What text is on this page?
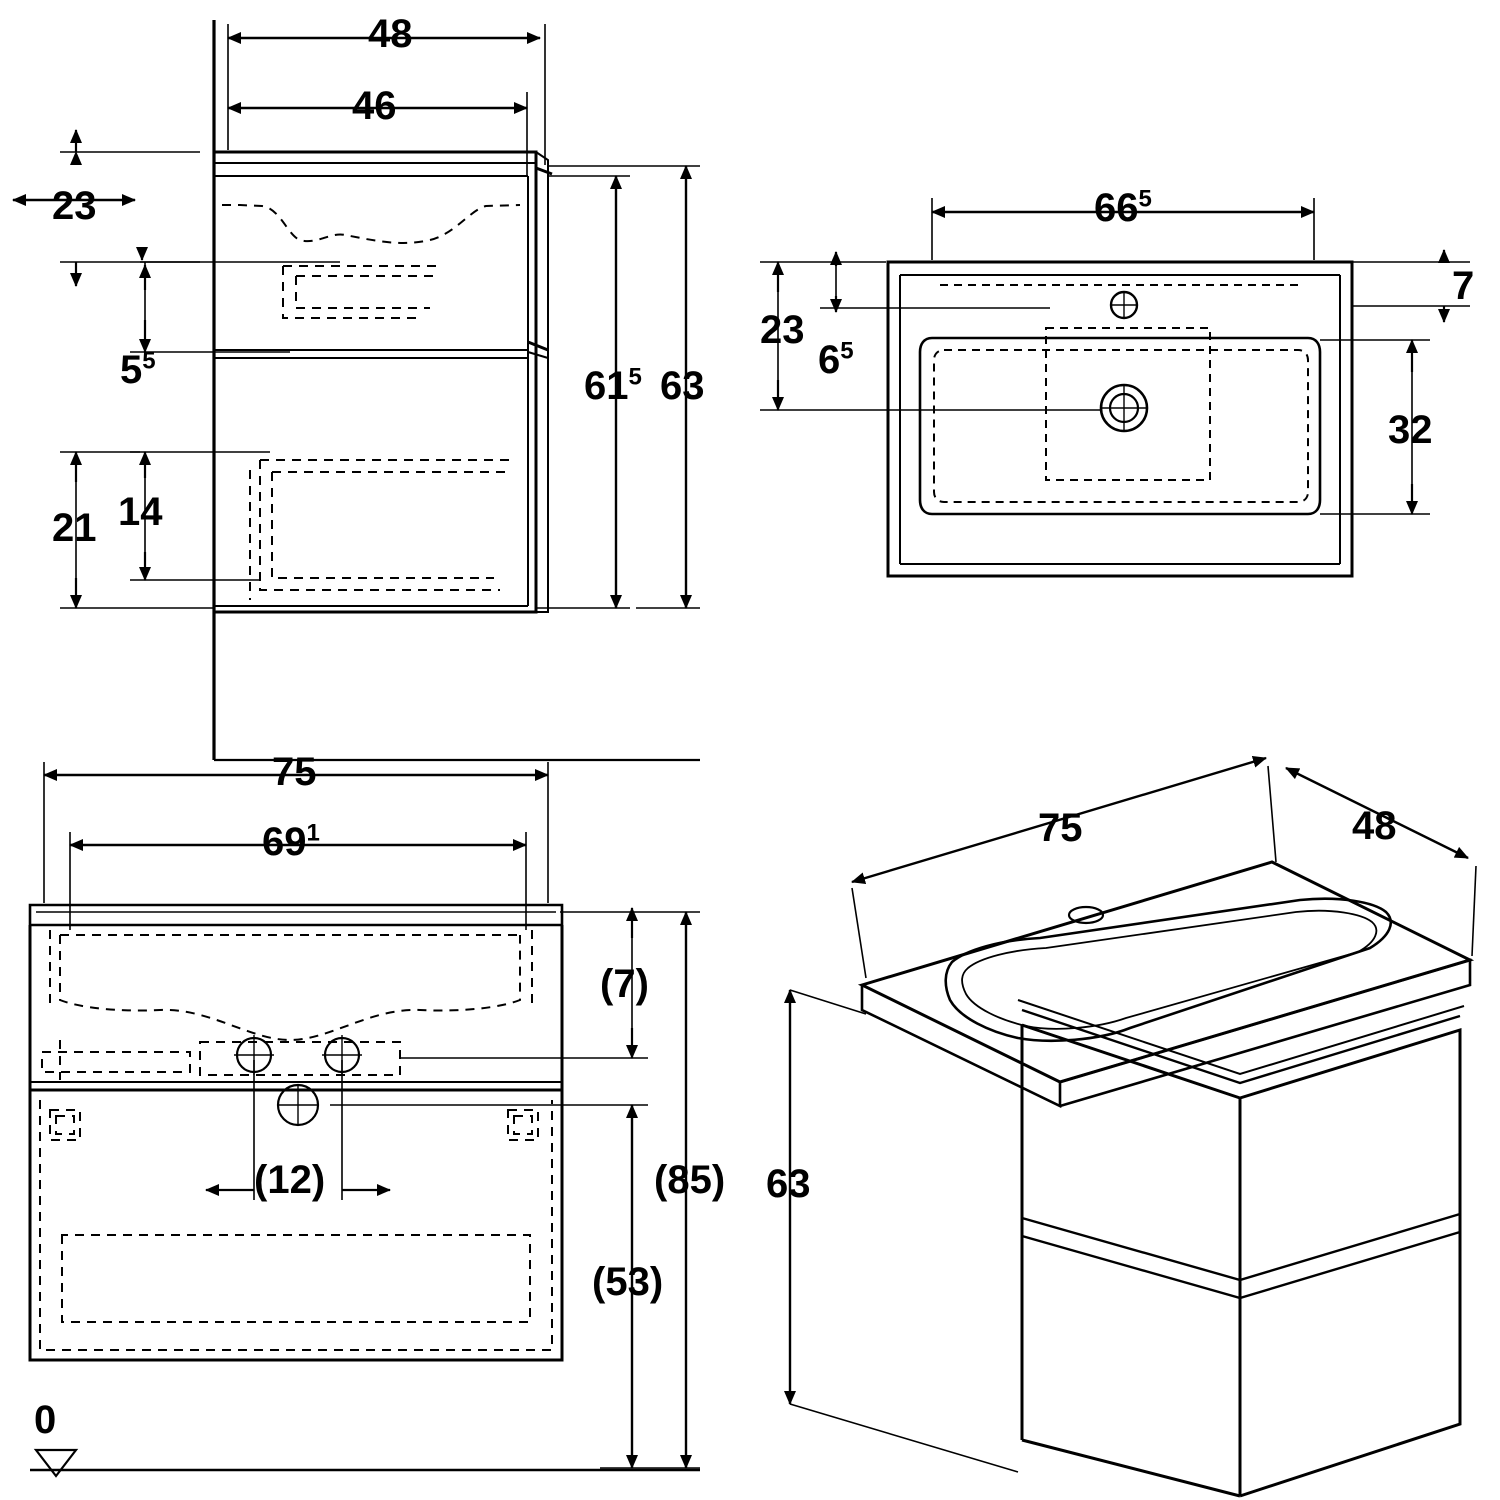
48
46
23
$5^5$
14
21
$61^5$ 63
$66^5$
7
23
$6^5$
32
75
$69^1$
(12)
(7)
(85)
(53)
0
75	48
63
